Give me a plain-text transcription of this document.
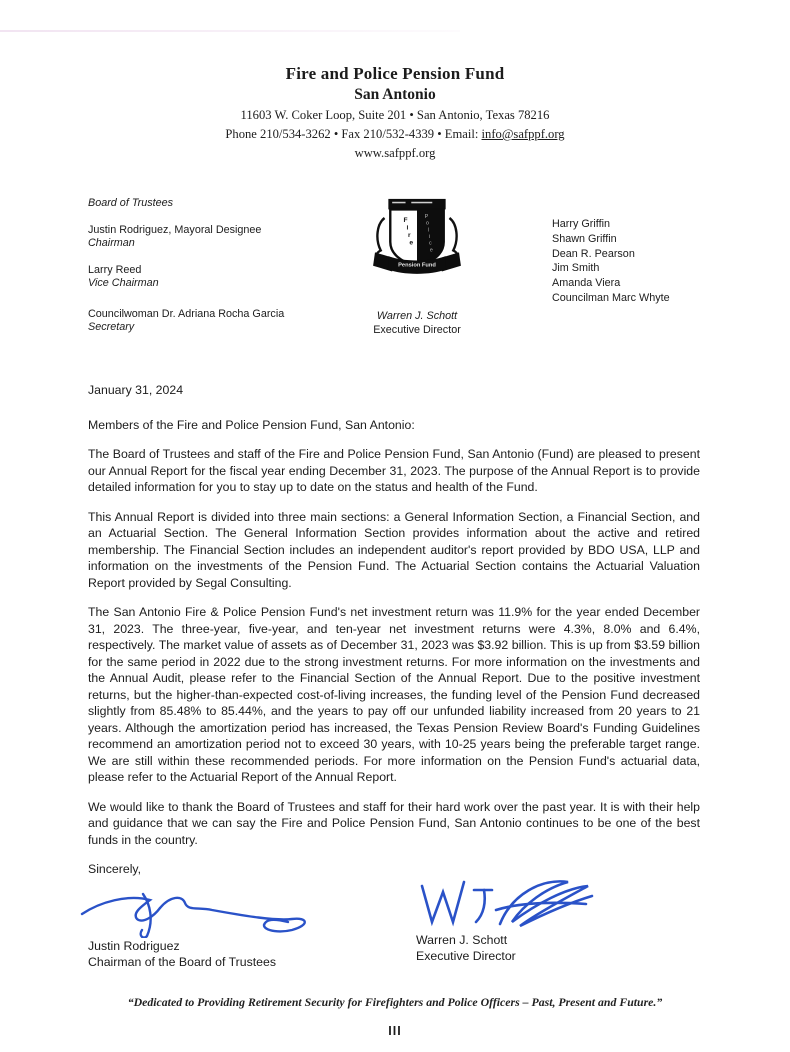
Fire and Police Pension Fund
San Antonio
11603 W. Coker Loop, Suite 201 • San Antonio, Texas 78216
Phone 210/534-3262 • Fax 210/532-4339 • Email: info@safppf.org
www.safppf.org
Board of Trustees
Justin Rodriguez, Mayoral Designee
Chairman
Larry Reed
Vice Chairman
Councilwoman Dr. Adriana Rocha Garcia
Secretary
F
i
r
e
P
o
l
i
c
e
Pension Fund
Warren J. Schott
Executive Director
Harry Griffin
Shawn Griffin
Dean R. Pearson
Jim Smith
Amanda Viera
Councilman Marc Whyte
January 31, 2024
Members of the Fire and Police Pension Fund, San Antonio:

The Board of Trustees and staff of the Fire and Police Pension Fund, San Antonio (Fund) are pleased to present our Annual Report for the fiscal year ending December 31, 2023. The purpose of the Annual Report is to provide detailed information for you to stay up to date on the status and health of the Fund.

This Annual Report is divided into three main sections: a General Information Section, a Financial Section, and an Actuarial Section. The General Information Section provides information about the active and retired membership. The Financial Section includes an independent auditor's report provided by BDO USA, LLP and information on the investments of the Pension Fund. The Actuarial Section contains the Actuarial Valuation Report provided by Segal Consulting.

The San Antonio Fire & Police Pension Fund's net investment return was 11.9% for the year ended December 31, 2023. The three-year, five-year, and ten-year net investment returns were 4.3%, 8.0% and 6.4%, respectively. The market value of assets as of December 31, 2023 was $3.92 billion. This is up from $3.59 billion for the same period in 2022 due to the strong investment returns. For more information on the investments and the Annual Audit, please refer to the Financial Section of the Annual Report. Due to the positive investment returns, but the higher-than-expected cost-of-living increases, the funding level of the Pension Fund decreased slightly from 85.48% to 85.44%, and the years to pay off our unfunded liability increased from 20 years to 21 years. Although the amortization period has increased, the Texas Pension Review Board's Funding Guidelines recommend an amortization period not to exceed 30 years, with 10-25 years being the preferable target range. We are still within these recommended periods. For more information on the Pension Fund's actuarial data, please refer to the Actuarial Report of the Annual Report.

We would like to thank the Board of Trustees and staff for their hard work over the past year. It is with their help and guidance that we can say the Fire and Police Pension Fund, San Antonio continues to be one of the best funds in the country.

Sincerely,
Justin Rodriguez
Chairman of the Board of Trustees
Warren J. Schott
Executive Director
“Dedicated to Providing Retirement Security for Firefighters and Police Officers – Past, Present and Future.”
III
